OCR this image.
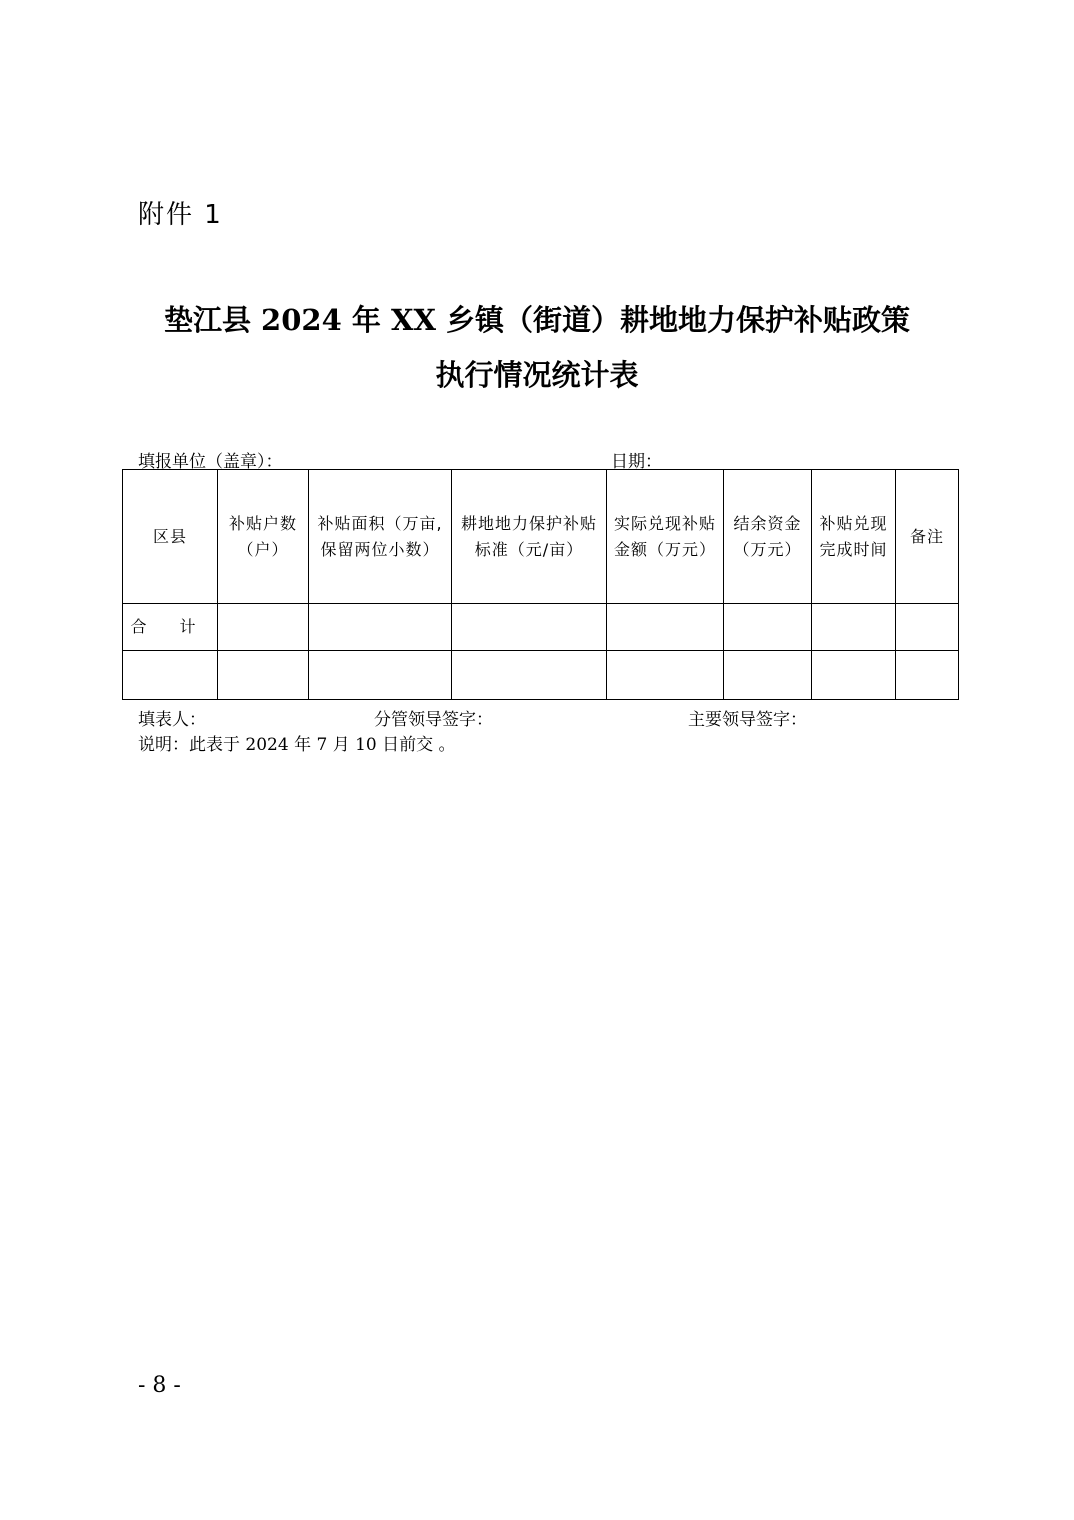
附件 1
垫江县 2024 年 XX 乡镇（街道）耕地地力保护补贴政策
执行情况统计表
填报单位（盖章）：	日期：
区县	补贴户数（户）	补贴面积（万亩,保留两位小数）	耕地地力保护补贴标准（元/亩）	实际兑现补贴金额（万元）	结余资金（万元）	补贴兑现完成时间	备注
合 计							

填表人：	分管领导签字：	主要领导签字：
说明：此表于 2024 年 7 月 10 日前交 。
- 8 -
